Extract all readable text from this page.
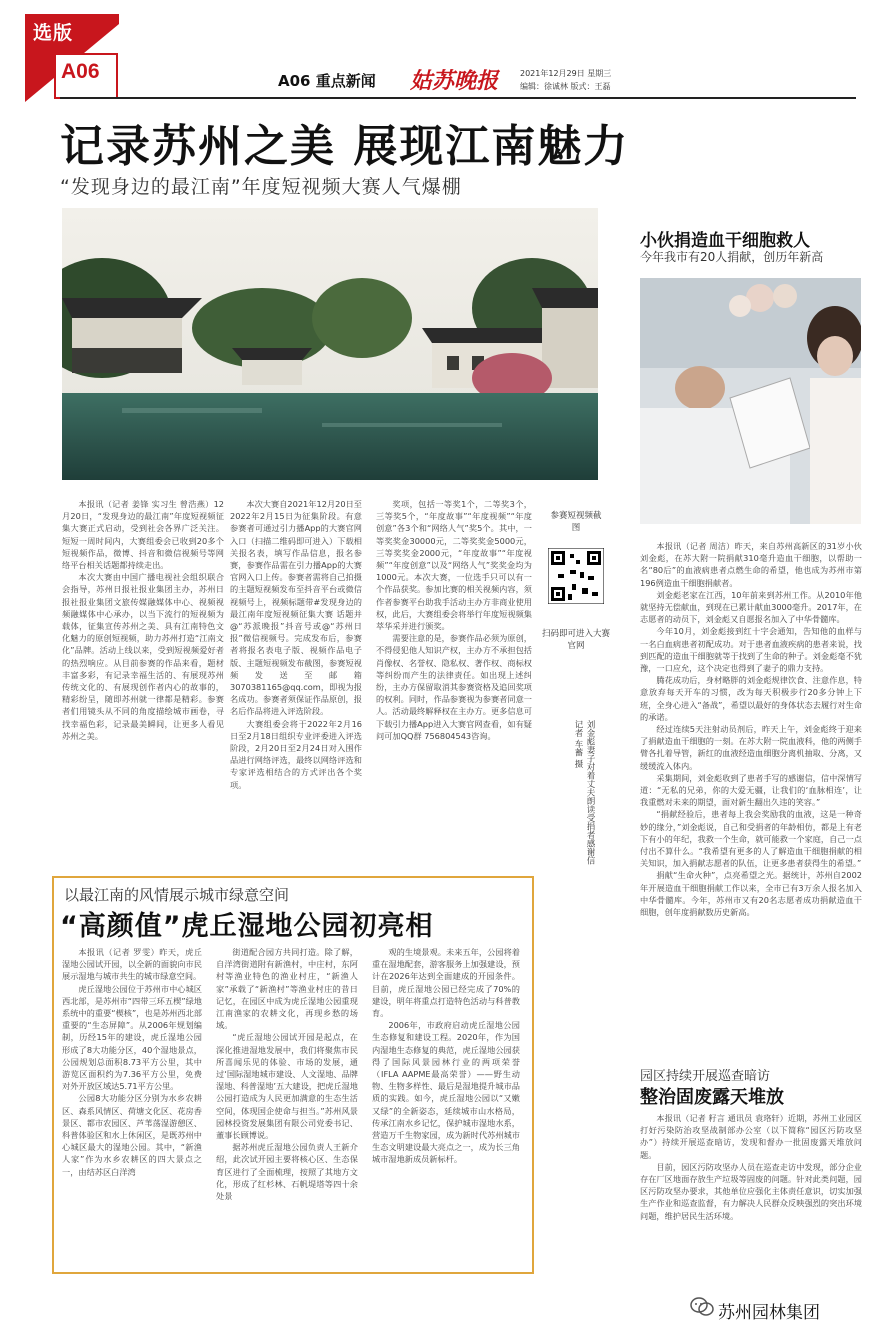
选版
A06	A06 重点新闻 姑苏晚报	2021年12月29日 星期三
编辑：徐诚林 版式：王磊
记录苏州之美 展现江南魅力
“发现身边的最江南”年度短视频大赛人气爆棚

本报讯（记者 姜锋 实习生 曾浩燕）12月20日，“发现身边的最江南”年度短视频征集大赛正式启动，受到社会各界广泛关注。短短一周时间内，大赛组委会已收到20多个短视频作品，微博、抖音和微信视频号等网络平台相关话题都持续走出。

本次大赛由中国广播电视社会组织联合会指导，苏州日报社报业集团主办，苏州日报社报业集团文旅传媒融媒体中心、视频视频融媒体中心承办，以当下流行的短视频为载体，征集宣传苏州之美、具有江南特色文化魅力的原创短视频，助力苏州打造“江南文化”品牌。活动上线以来，受到短视频爱好者的热烈响应。从目前参赛的作品来看，题材丰富多彩，有记录幸福生活的、有展现苏州传统文化的、有展现创作者内心的故事的，精彩纷呈，随即苏州就一律都是精彩。参赛者们用镜头从不同的角度描绘城市画卷，寻找幸福色彩，记录最美瞬间，让更多人看见苏州之美。

本次大赛自2021年12月20日至2022年2月15日为征集阶段。有意参赛者可通过引力播App的大赛官网入口（扫描二维码即可进入）下载相关报名表，填写作品信息，报名参赛，参赛作品需在引力播App的大赛官网入口上传。参赛者需将自己拍摄的主题短视频发布至抖音平台或微信视频号上，视频标题带#发现身边的最江南年度短视频征集大赛 话题并@“苏派晚报”抖音号或@“苏州日报”微信视频号。完成发布后，参赛者将报名表电子版、视频作品电子版、主题短视频发布截图，参赛短视频发送至邮箱 3070381165@qq.com，即视为报名成功。参赛者须保证作品原创，报名后作品将进入评选阶段。

大赛组委会将于2022年2月16日至2月18日组织专业评委进入评选阶段，2月20日至2月24日对入围作品进行网络评选，最终以网络评选和专家评选相结合的方式评出各个奖项。

奖项，包括一等奖1个，二等奖3个，三等奖5个，“年度故事”“年度视频”“年度创意”各3个和“网络人气”奖5个。其中，一等奖奖金30000元，二等奖奖金5000元，三等奖奖金2000元，“年度故事”“年度视频”“年度创意”以及“网络人气”奖奖金均为1000元。本次大赛，一位选手只可以有一个作品获奖。参加比赛的相关视频内容，须作者参赛平台助我手活动主办方非商业使用权，此后，大赛组委会将举行年度短视频集萃华采并进行颁奖。

需要注意的是，参赛作品必须为原创，不得侵犯他人知识产权，主办方不承担包括肖像权、名誉权、隐私权、著作权、商标权等纠纷而产生的法律责任。如出现上述纠纷，主办方保留取消其参赛资格及追回奖项的权利。同时，作品参赛视为参赛者同意一人。活动最终解释权在主办方。更多信息可下载引力播App进入大赛官网查看，如有疑问可加QQ群 756804543咨询。

参赛短视频截图
扫码即可进入大赛官网
刘金彪妻子对着丈夫朗读受捐者感谢信 记者 车蓄 摄
以最江南的风情展示城市绿意空间
“高颜值”虎丘湿地公园初亮相

本报讯（记者 罗雯）昨天，虎丘湿地公园试开园，以全新的面貌向市民展示湿地与城市共生的城市绿意空间。

虎丘湿地公园位于苏州市中心城区西北部，是苏州市“四带三环五楔”绿地系统中的重要“楔核”，也是苏州西北部重要的“生态屏障”。从2006年规划编制，历经15年的建设，虎丘湿地公园形成了8大功能分区，40个湿地景点，公园规划总面积8.73平方公里，其中游览区面积约为7.36平方公里，免费对外开放区域达5.71平方公里。

公园8大功能分区分别为水乡农耕区、森系风情区、荷塘文化区、花房香景区、都市农园区、芦苇荡湿游憩区、科普体验区和水上休闲区，是既苏州中心城区最大的湿地公园。其中，“新渔人家”作为水乡农耕区的四大景点之一，由结苏区白洋湾

街道配合园方共同打造。除了解，自洋湾街道附有新渔村，中庄村，东阿村等渔业特色的渔业村庄，“新渔人家”承载了“新渔村”等渔业村庄的昔日记忆，在园区中成为虎丘湿地公园重现江南渔家的农耕文化，再现乡愁的场域。

“虎丘湿地公园试开园是起点，在深化推进湿地发展中，我们将聚焦市民所喜闻乐见的体验、市场的发展，通过‘国际湿地城市建设、人文湿地、品牌湿地、科普湿地’五大建设，把虎丘湿地公园打造成为人民更加满意的生态生活空间，体现国企使命与担当。”苏州风景园林投资发展集团有限公司党委书记、董事长顾博说。

据苏州虎丘湿地公园负责人王新介绍，此次试开园主要将核心区、生态保育区进行了全面梳理，按照了其地方文化，形成了红杉林、石帆堤塔等四十余处景

观的生境景观。未来五年，公园将着重在湿地配套，游客服务上加强建设，预计在2026年达到全面建成的开园条件。目前，虎丘湿地公园已经完成了70%的建设，明年将重点打造特色活动与科普教育。

2006年，市政府启动虎丘湿地公园生态修复和建设工程。2020年，作为国内湿地生态修复的典范，虎丘湿地公园获得了国际风景园林行业的两项荣誉（IFLA AAPME最高荣誉）——野生动物、生物多样性、最后是湿地提升城市品质的实践。如今，虎丘湿地公园以“又嫩又绿”的全新姿态，延续城市山水格局，传承江南水乡记忆，保护城市湿地水系，营造万千生物家园，成为新时代苏州城市生态文明建设最大亮点之一，成为长三角城市湿地新成员新标杆。

小伙捐造血干细胞救人
今年我市有20人捐献，创历年新高

本报讯（记者 周洁）昨天，来自苏州高新区的31岁小伙刘金彪，在苏大附一院捐献310毫升造血干细胞，以帮助一名“80后”的血液病患者点燃生命的希望，他也成为苏州市第196例造血干细胞捐献者。

刘金彪老家在江西，10年前来到苏州工作。从2010年他就坚持无偿献血，到现在已累计献血3000毫升。2017年，在志愿者的动员下，刘金彪又自愿报名加入了中华骨髓库。

今年10月，刘金彪接到红十字会通知，告知他的血样与一名白血病患者初配成功。对于患者血液疾病的患者来说，找到匹配的造血干细胞就等于找到了生命的种子。刘金彪毫不犹豫，一口应允，这个决定也得到了妻子的鼎力支持。

腾花成功后，身材略胖的刘金彪规律饮食、注意作息，特意放弃每天开车的习惯，改为每天积极步行20多分钟上下班，全身心进入“备战”，希望以最好的身体状态去履行对生命的承诺。

经过连续5天注射动员剂后，昨天上午，刘金彪终于迎来了捐献造血干细胞的一刻。在苏大附一院血液科，他的两侧手臂各扎着导管，新红的血液经造血细胞分离机抽取、分离，又缓缓流入体内。

采集期间，刘金彪收到了患者手写的感谢信，信中深情写道：“无私的兄弟，你的大爱无疆，让我们的‘血脉相连’，让我重燃对未来的期望，面对新生翻出久违的笑容。”

“捐献经验后，患者每上我会奖励我的血液，这是一种奇妙的缘分，”刘金彪说，自己和受捐者的年龄相仿，都是上有老下有小的年纪，我救一个生命，就可能救一个家庭，自己一点付出不算什么。“我希望有更多的人了解造血干细胞捐献的相关知识，加入捐献志愿者的队伍，让更多患者获得生的希望。”

捐献“生命火种”，点亮希望之光。据统计，苏州自2002年开展造血干细胞捐献工作以来，全市已有3万余人报名加入中华骨髓库。今年，苏州市又有20名志愿者成功捐献造血干细胞，创年度捐献数历史新高。

园区持续开展巡查暗访
整治固废露天堆放

本报讯（记者 籽言 通讯员 袁珞轩）近期，苏州工业园区打好污染防治攻坚战制部办公室（以下简称“园区污防攻坚办”）持续开展巡查暗访，发现和督办一批固废露天堆放问题。

目前，园区污防攻坚办人员在巡查走访中发现，部分企业存在厂区地面存放生产垃圾等固废的问题。针对此类问题，园区污防攻坚办要求，其他单位应强化主体责任意识，切实加强生产作业和巡查监督，有力解决人民群众反映强烈的突出环境问题，维护居民生活环境。

苏州园林集团
